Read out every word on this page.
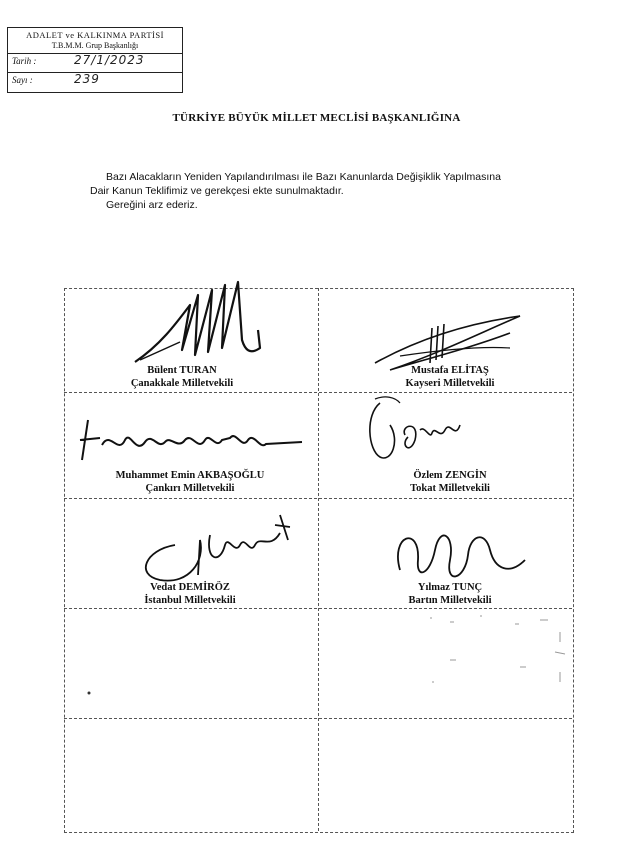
ADALET ve KALKINMA PARTİSİ
T.B.M.M. Grup Başkanlığı
Tarih :	27/1/2023
Sayı :	239
TÜRKİYE BÜYÜK MİLLET MECLİSİ BAŞKANLIĞINA
Bazı Alacakların Yeniden Yapılandırılması ile Bazı Kanunlarda Değişiklik Yapılmasına
Dair Kanun Teklifimiz ve gerekçesi ekte sunulmaktadır.
Gereğini arz ederiz.
Bülent TURAN
Çanakkale Milletvekili
Mustafa ELİTAŞ
Kayseri Milletvekili
Muhammet Emin AKBAŞOĞLU
Çankırı Milletvekili
Özlem ZENGİN
Tokat Milletvekili
Vedat DEMİRÖZ
İstanbul Milletvekili
Yılmaz TUNÇ
Bartın Milletvekili
